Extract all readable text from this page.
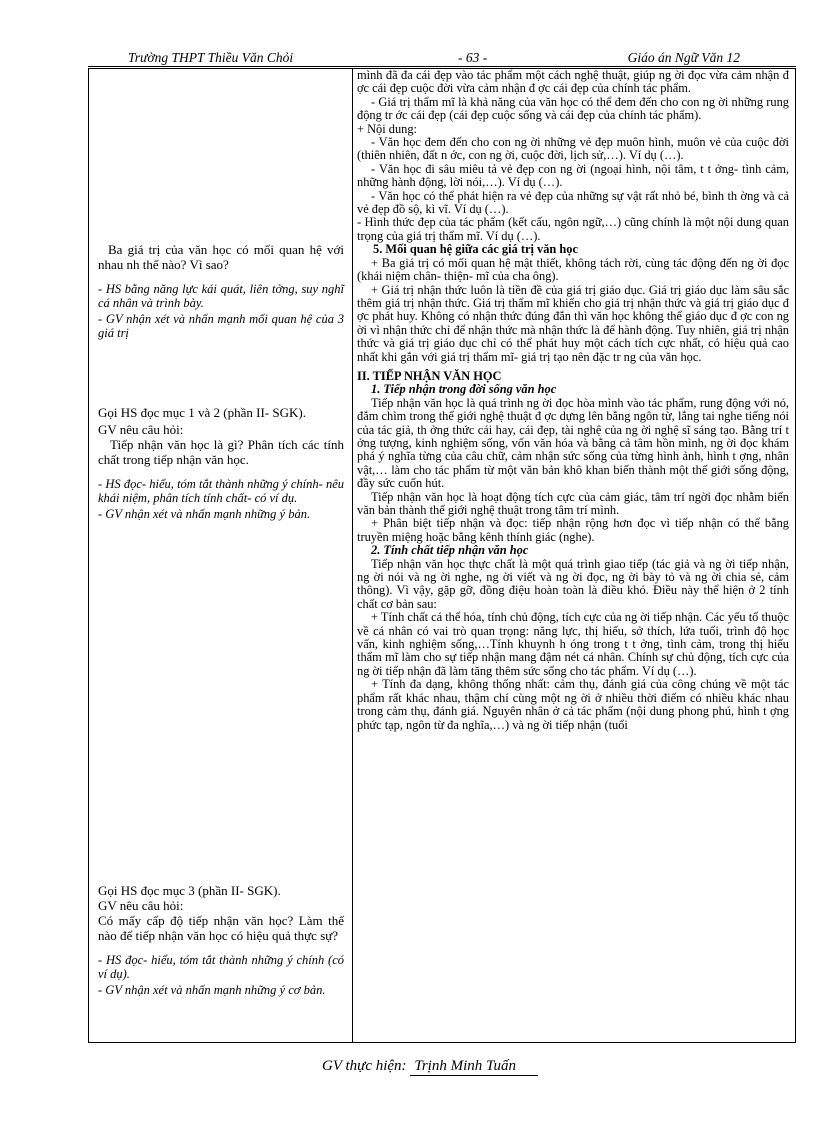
Trường THPT Thiều Văn Chỏi	- 63 -	Giáo án Ngữ Văn 12

Ba giá trị của văn học có mối quan hệ với nhau nh thế nào? Vì sao?

- HS bằng năng lực kái quát, liên tởng, suy nghĩ cá nhân và trình bày.

- GV nhận xét và nhấn mạnh mối quan hệ của 3 giá trị

Gọi HS đọc mục 1 và 2 (phần II- SGK).

GV nêu câu hỏi:

Tiếp nhận văn học là gì? Phân tích các tính chất trong tiếp nhận văn học.

- HS đọc- hiểu, tóm tắt thành những ý chính- nêu khái niệm, phân tích tính chất- có ví dụ.

- GV nhận xét và nhấn mạnh những ý bản.

Gọi HS đọc mục 3 (phần II- SGK).

GV nêu câu hỏi:

Có mấy cấp độ tiếp nhận văn học? Làm thế nào để tiếp nhận văn học có hiệu quả thực sự?

- HS đọc- hiểu, tóm tắt thành những ý chính (có ví dụ).

- GV nhận xét và nhấn mạnh những ý cơ bản.

mình đã đa cái đẹp vào tác phẩm một cách nghệ thuật, giúp ng ời đọc vừa cảm nhận đ ợc cái đẹp cuộc đời vừa cảm nhận đ ợc cái đẹp của chính tác phẩm.

- Giá trị thẩm mĩ là khả năng của văn học có thể đem đến cho con ng ời những rung động tr ớc cái đẹp (cái đẹp cuộc sống và cái đẹp của chính tác phẩm).

+ Nội dung:

- Văn học đem đến cho con ng ời những vẻ đẹp muôn hình, muôn vẻ của cuộc đời (thiên nhiên, đất n ớc, con ng ời, cuộc đời, lịch sử,…). Ví dụ (…).

- Văn học đi sâu miêu tả vẻ đẹp con ng ời (ngoại hình, nội tâm, t t ởng- tình cảm, những hành động, lời nói,…). Ví dụ (…).

- Văn học có thể phát hiện ra vẻ đẹp của những sự vật rất nhỏ bé, bình th ờng và cả vẻ đẹp đồ sộ, kì vĩ. Ví dụ (…).

- Hình thức đẹp của tác phẩm (kết cấu, ngôn ngữ,…) cũng chính là một nội dung quan trọng của giá trị thẩm mĩ. Ví dụ (…).

5. Mối quan hệ giữa các giá trị văn học

+ Ba giá trị có mối quan hệ mật thiết, không tách rời, cùng tác động đến ng ời đọc (khái niệm chân- thiện- mĩ của cha ông).

+ Giá trị nhận thức luôn là tiền đề của giá trị giáo dục. Giá trị giáo dục làm sâu sắc thêm giá trị nhận thức. Giá trị thẩm mĩ khiến cho giá trị nhận thức và giá trị giáo dục đ ợc phát huy. Không có nhận thức đúng đắn thì văn học không thể giáo dục đ ợc con ng ời vì nhận thức chỉ để nhận thức mà nhận thức là để hành động. Tuy nhiên, giá trị nhận thức và giá trị giáo dục chỉ có thể phát huy một cách tích cực nhất, có hiệu quả cao nhất khi gắn với giá trị thẩm mĩ- giá trị tạo nên đặc tr ng của văn học.

II. TIẾP NHẬN VĂN HỌC

1. Tiếp nhận trong đời sống văn học

Tiếp nhận văn học là quá trình ng ời đọc hòa mình vào tác phẩm, rung động với nó, đắm chìm trong thế giới nghệ thuật đ ợc dựng lên bằng ngôn từ, lắng tai nghe tiếng nói của tác giả, th ởng thức cái hay, cái đẹp, tài nghệ của ng ời nghệ sĩ sáng tạo. Bằng trí t ởng tượng, kinh nghiệm sống, vốn văn hóa và bằng cả tâm hồn mình, ng ời đọc khám phá ý nghĩa từng của câu chữ, cảm nhận sức sống của từng hình ảnh, hình t ợng, nhân vật,… làm cho tác phẩm từ một văn bản khô khan biến thành một thế giới sống động, đầy sức cuốn hút.

Tiếp nhận văn học là hoạt động tích cực của cảm giác, tâm trí ngời đọc nhằm biến văn bản thành thế giới nghệ thuật trong tâm trí mình.

+ Phân biệt tiếp nhận và đọc: tiếp nhận rộng hơn đọc vì tiếp nhận có thể bằng truyền miệng hoặc bằng kênh thính giác (nghe).

2. Tính chất tiếp nhận văn học

Tiếp nhận văn học thực chất là một quá trình giao tiếp (tác giả và ng ời tiếp nhận, ng ời nói và ng ời nghe, ng ời viết và ng ời đọc, ng ời bày tỏ và ng ời chia sẻ, cảm thông). Vì vậy, gặp gỡ, đồng điệu hoàn toàn là điều khó. Điều này thể hiện ở 2 tính chất cơ bản sau:

+ Tính chất cá thể hóa, tính chủ động, tích cực của ng ời tiếp nhận. Các yếu tố thuộc về cá nhân có vai trò quan trọng: năng lực, thị hiếu, sở thích, lứa tuổi, trình độ học vấn, kinh nghiệm sống,…Tính khuynh h óng trong t t ởng, tình cảm, trong thị hiếu thẩm mĩ làm cho sự tiếp nhận mang đậm nét cá nhân. Chính sự chủ động, tích cực của ng ời tiếp nhận đã làm tăng thêm sức sống cho tác phẩm. Ví dụ (…).

+ Tính đa dạng, không thống nhất: cảm thụ, đánh giá của công chúng về một tác phẩm rất khác nhau, thậm chí cùng một ng ời ở nhiều thời điểm có nhiều khác nhau trong cảm thụ, đánh giá. Nguyên nhân ở cả tác phẩm (nội dung phong phú, hình t ợng phức tạp, ngôn từ đa nghĩa,…) và ng ời tiếp nhận (tuổi

GV thực hiện: Trịnh Minh Tuấn
